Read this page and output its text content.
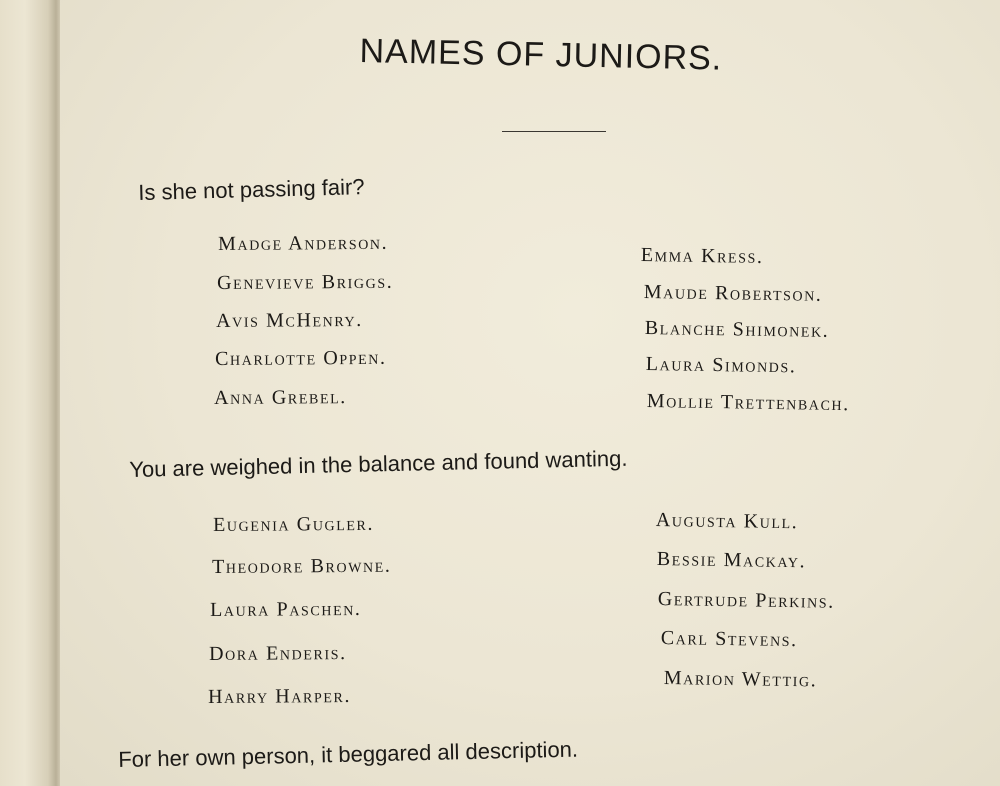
NAMES OF JUNIORS.
Is she not passing fair?
Madge Anderson.
Genevieve Briggs.
Avis McHenry.
Charlotte Oppen.
Anna Grebel.
Emma Kress.
Maude Robertson.
Blanche Shimonek.
Laura Simonds.
Mollie Trettenbach.
You are weighed in the balance and found wanting.
Eugenia Gugler.
Theodore Browne.
Laura Paschen.
Dora Enderis.
Harry Harper.
Augusta Kull.
Bessie Mackay.
Gertrude Perkins.
Carl Stevens.
Marion Wettig.
For her own person, it beggared all description.
